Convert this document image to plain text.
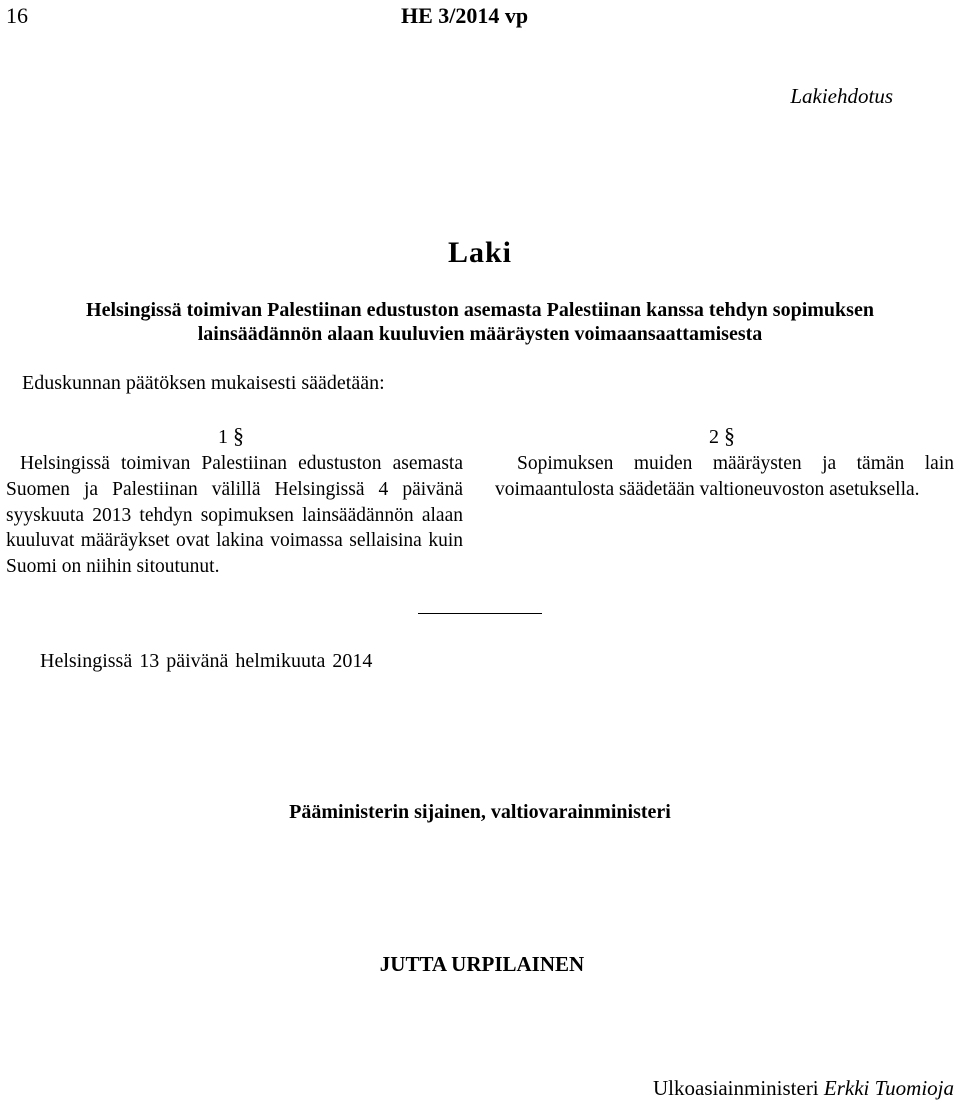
16	HE 3/2014 vp
Lakiehdotus
Laki
Helsingissä toimivan Palestiinan edustuston asemasta Palestiinan kanssa tehdyn sopimuksen
lainsäädännön alaan kuuluvien määräysten voimaansaattamisesta
Eduskunnan päätöksen mukaisesti säädetään:
1 §
Helsingissä toimivan Palestiinan edustuston asemasta Suomen ja Palestiinan välillä Helsingissä 4 päivänä syyskuuta 2013 tehdyn sopimuksen lainsäädännön alaan kuuluvat määräykset ovat lakina voimassa sellaisina kuin Suomi on niihin sitoutunut.
2 §
Sopimuksen muiden määräysten ja tämän lain voimaantulosta säädetään valtioneuvoston asetuksella.
Helsingissä 13 päivänä helmikuuta 2014
Pääministerin sijainen, valtiovarainministeri
JUTTA URPILAINEN
Ulkoasiainministeri Erkki Tuomioja
